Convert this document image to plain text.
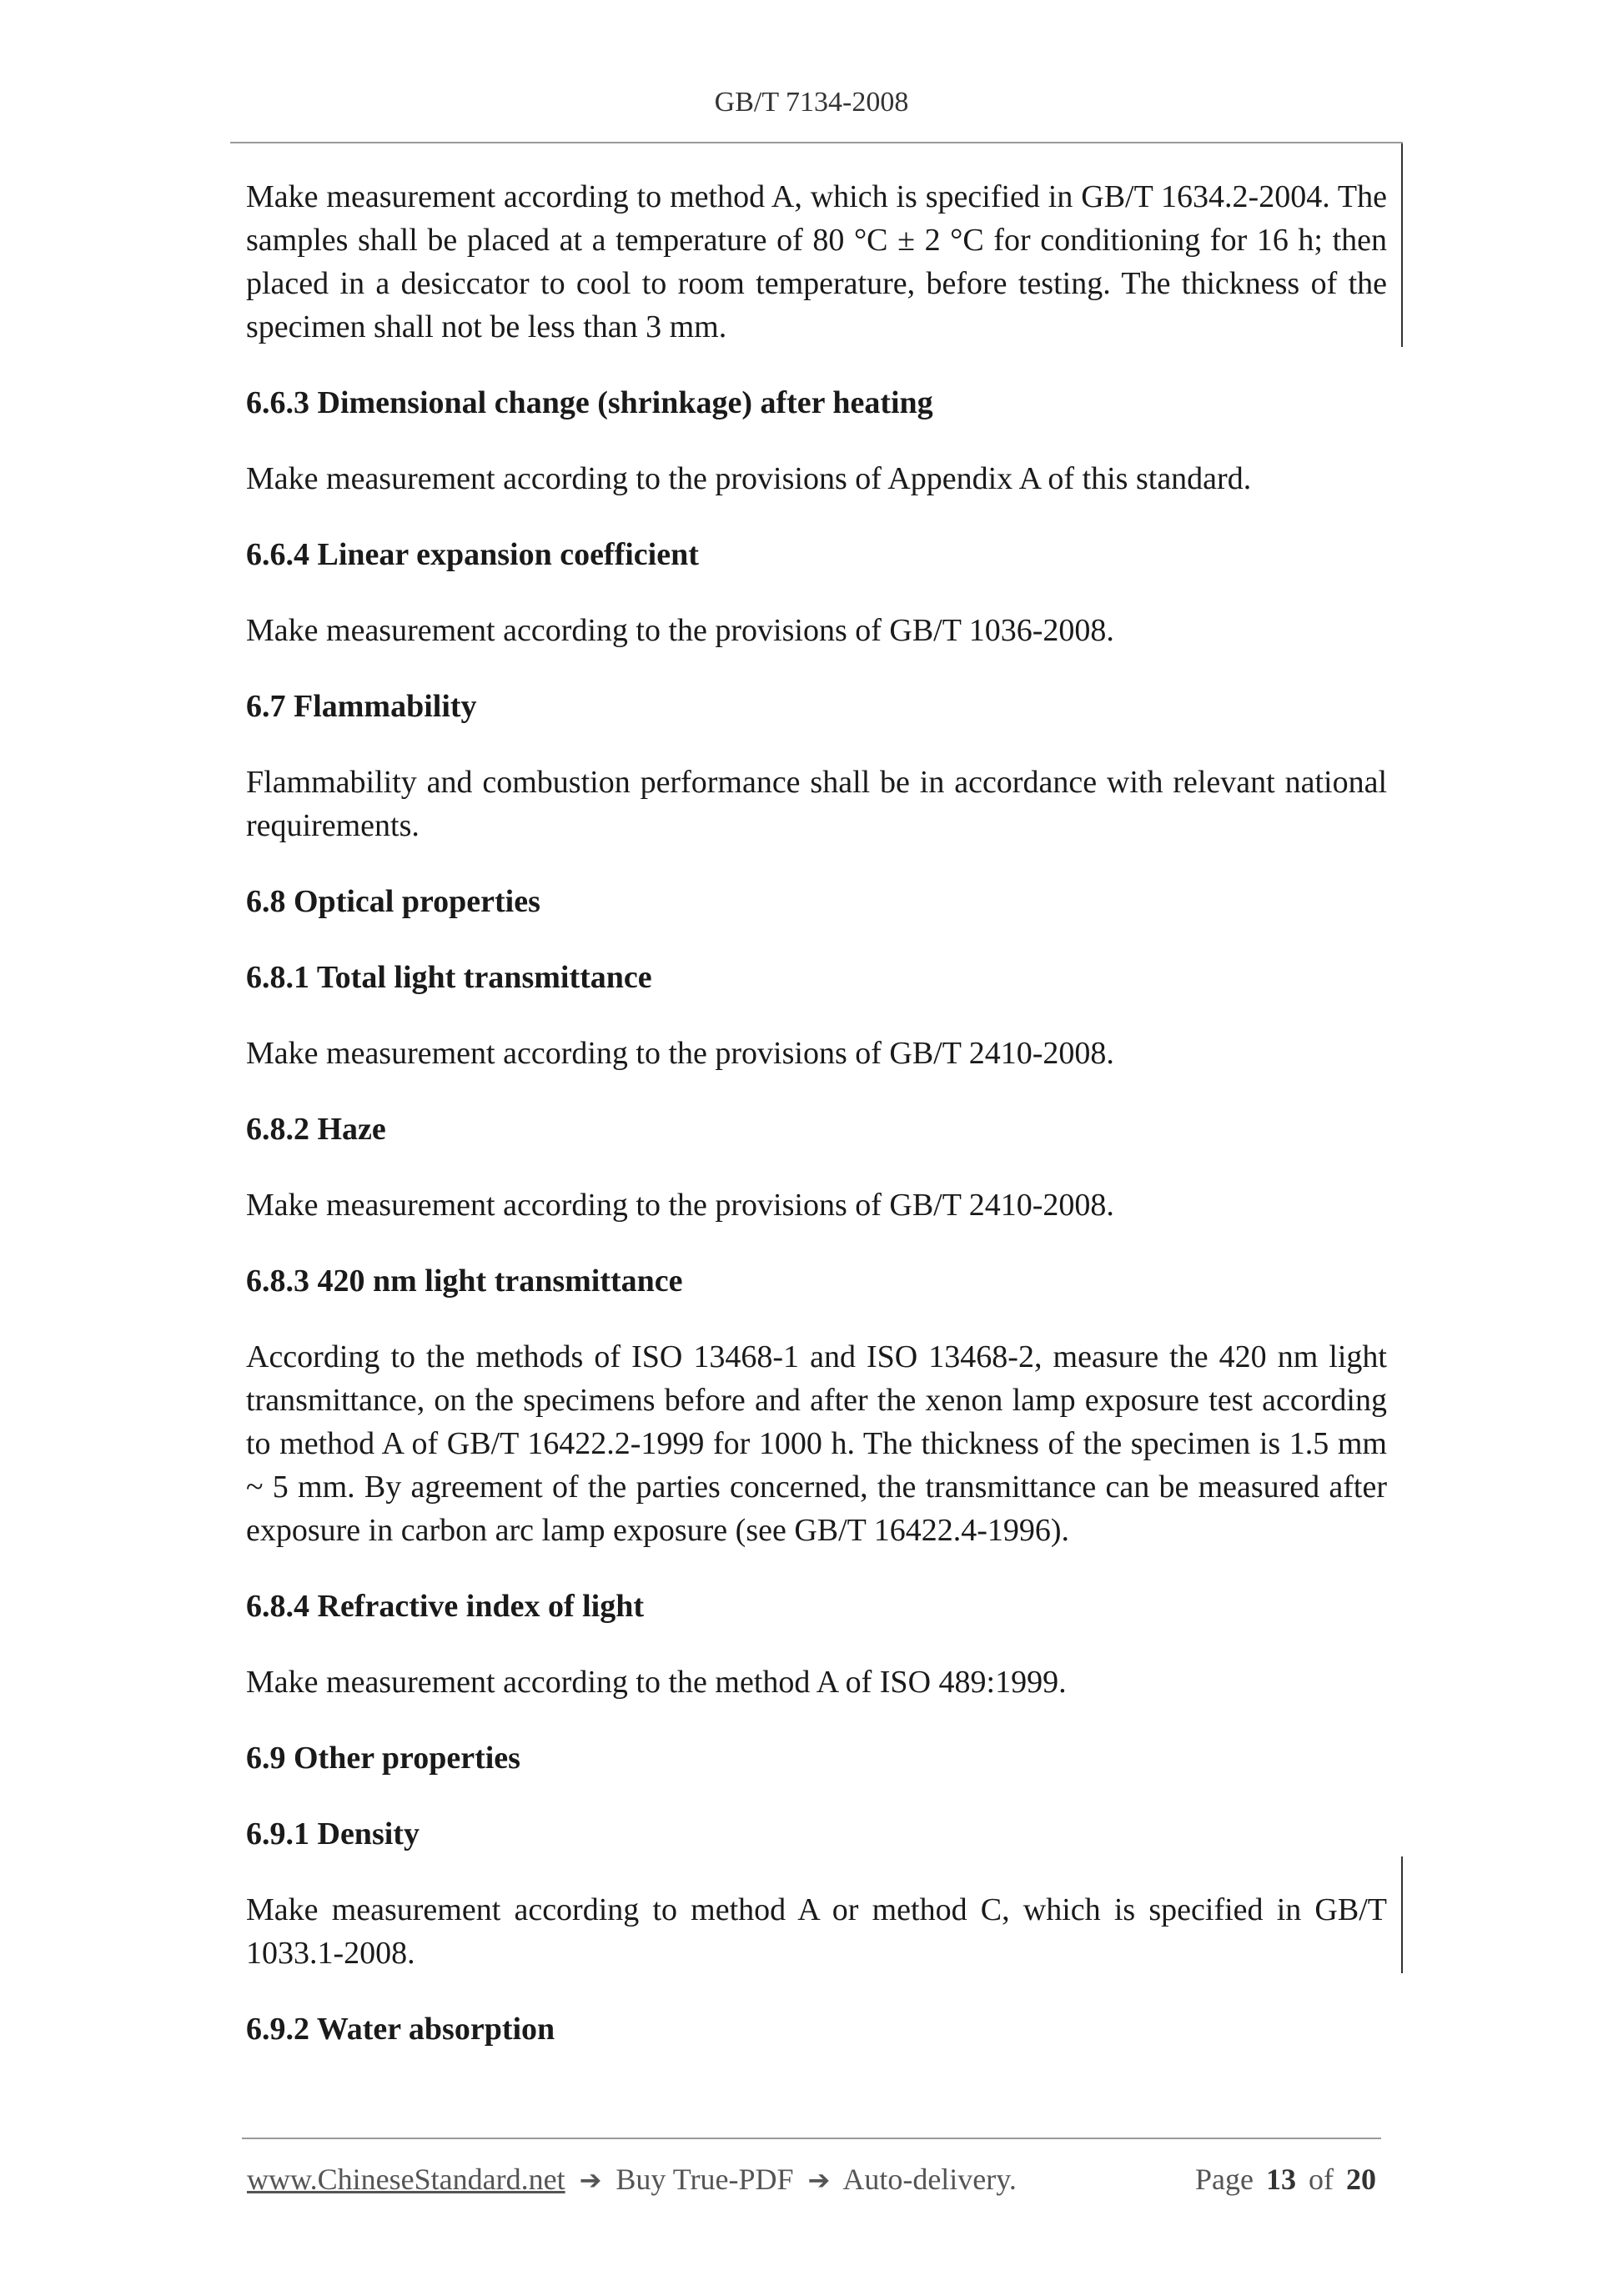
GB/T 7134-2008

Make measurement according to method A, which is specified in GB/T 1634.2-2004. The samples shall be placed at a temperature of 80 °C ± 2 °C for conditioning for 16 h; then placed in a desiccator to cool to room temperature, before testing. The thickness of the specimen shall not be less than 3 mm.

6.6.3 Dimensional change (shrinkage) after heating

Make measurement according to the provisions of Appendix A of this standard.

6.6.4 Linear expansion coefficient

Make measurement according to the provisions of GB/T 1036-2008.

6.7 Flammability

Flammability and combustion performance shall be in accordance with relevant national requirements.

6.8 Optical properties
6.8.1 Total light transmittance

Make measurement according to the provisions of GB/T 2410-2008.

6.8.2 Haze

Make measurement according to the provisions of GB/T 2410-2008.

6.8.3 420 nm light transmittance

According to the methods of ISO 13468-1 and ISO 13468-2, measure the 420 nm light transmittance, on the specimens before and after the xenon lamp exposure test according to method A of GB/T 16422.2-1999 for 1000 h. The thickness of the specimen is 1.5 mm ~ 5 mm. By agreement of the parties concerned, the transmittance can be measured after exposure in carbon arc lamp exposure (see GB/T 16422.4-1996).

6.8.4 Refractive index of light

Make measurement according to the method A of ISO 489:1999.

6.9 Other properties
6.9.1 Density

Make measurement according to method A or method C, which is specified in GB/T 1033.1-2008.

6.9.2 Water absorption
www.ChineseStandard.net ➔ Buy True-PDF ➔ Auto-delivery.	Page 13 of 20
